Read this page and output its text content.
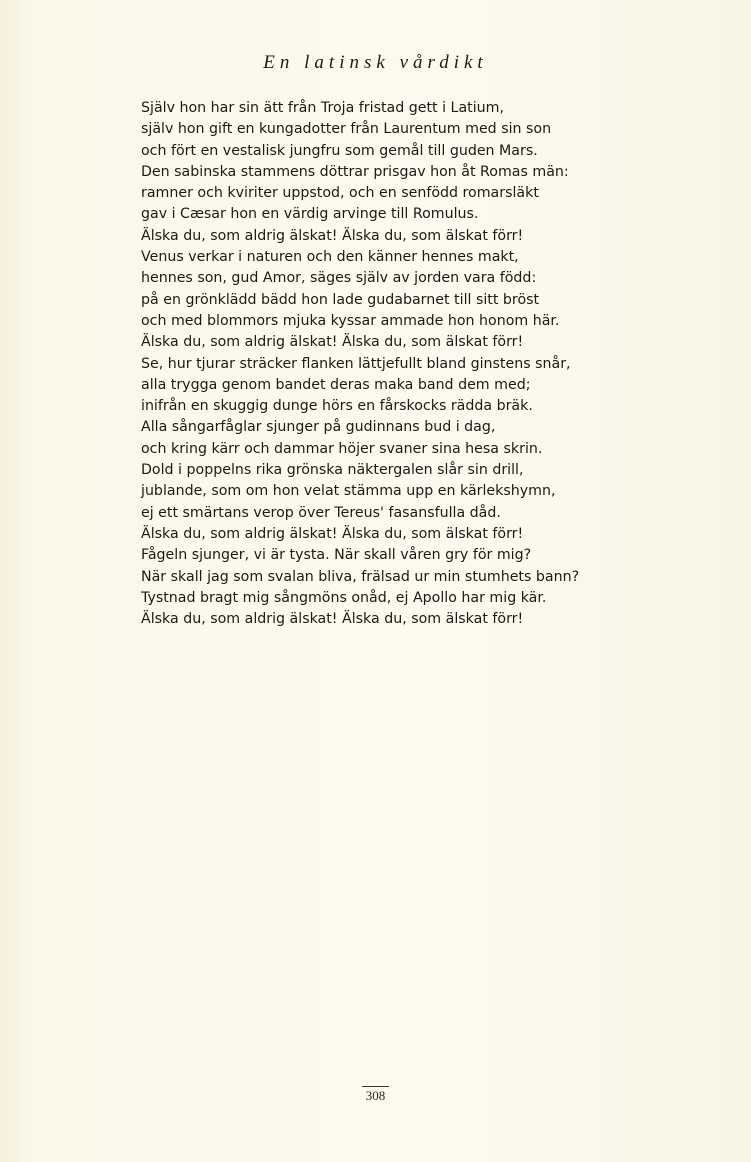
En latinsk vårdikt
Själv hon har sin ätt från Troja fristad gett i Latium,
själv hon gift en kungadotter från Laurentum med sin son
och fört en vestalisk jungfru som gemål till guden Mars.
Den sabinska stammens döttrar prisgav hon åt Romas män:
ramner och kviriter uppstod, och en senfödd romarsläkt
gav i Cæsar hon en värdig arvinge till Romulus.
Älska du, som aldrig älskat! Älska du, som älskat förr!
Venus verkar i naturen och den känner hennes makt,
hennes son, gud Amor, säges själv av jorden vara född:
på en grönklädd bädd hon lade gudabarnet till sitt bröst
och med blommors mjuka kyssar ammade hon honom här.
Älska du, som aldrig älskat! Älska du, som älskat förr!
Se, hur tjurar sträcker flanken lättjefullt bland ginstens snår,
alla trygga genom bandet deras maka band dem med;
inifrån en skuggig dunge hörs en fårskocks rädda bräk.
Alla sångarfåglar sjunger på gudinnans bud i dag,
och kring kärr och dammar höjer svaner sina hesa skrin.
Dold i poppelns rika grönska näktergalen slår sin drill,
jublande, som om hon velat stämma upp en kärlekshymn,
ej ett smärtans verop över Tereus' fasansfulla dåd.
Älska du, som aldrig älskat! Älska du, som älskat förr!
Fågeln sjunger, vi är tysta. När skall våren gry för mig?
När skall jag som svalan bliva, frälsad ur min stumhets bann?
Tystnad bragt mig sångmöns onåd, ej Apollo har mig kär.
Älska du, som aldrig älskat! Älska du, som älskat förr!
308
